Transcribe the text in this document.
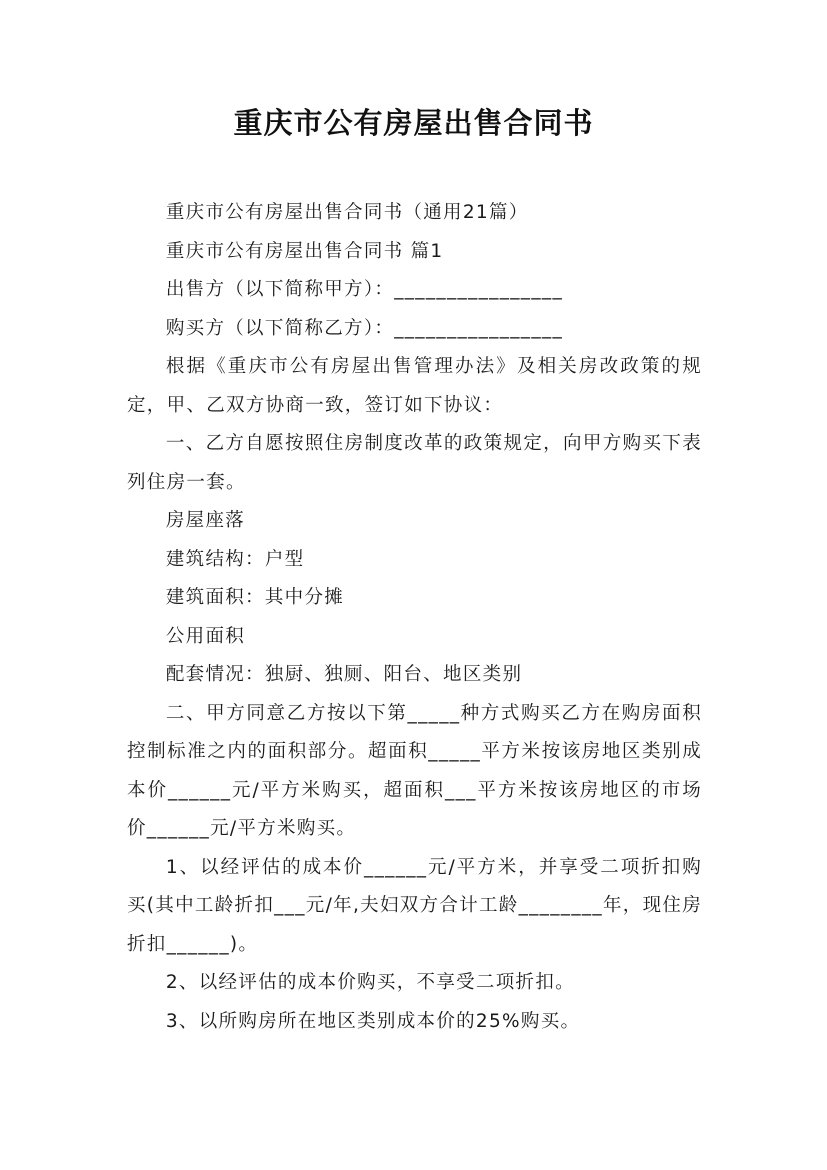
重庆市公有房屋出售合同书

重庆市公有房屋出售合同书（通用21篇）

重庆市公有房屋出售合同书 篇1

出售方（以下简称甲方）：________________

购买方（以下简称乙方）：________________

根据《重庆市公有房屋出售管理办法》及相关房改政策的规定，甲、乙双方协商一致，签订如下协议：

一、乙方自愿按照住房制度改革的政策规定，向甲方购买下表列住房一套。

房屋座落

建筑结构：户型

建筑面积：其中分摊

公用面积

配套情况：独厨、独厕、阳台、地区类别

二、甲方同意乙方按以下第_____种方式购买乙方在购房面积控制标准之内的面积部分。超面积_____平方米按该房地区类别成本价______元/平方米购买，超面积___平方米按该房地区的市场价______元/平方米购买。

1、以经评估的成本价______元/平方米，并享受二项折扣购买(其中工龄折扣___元/年,夫妇双方合计工龄________年，现住房折扣______)。

2、以经评估的成本价购买，不享受二项折扣。

3、以所购房所在地区类别成本价的25%购买。
